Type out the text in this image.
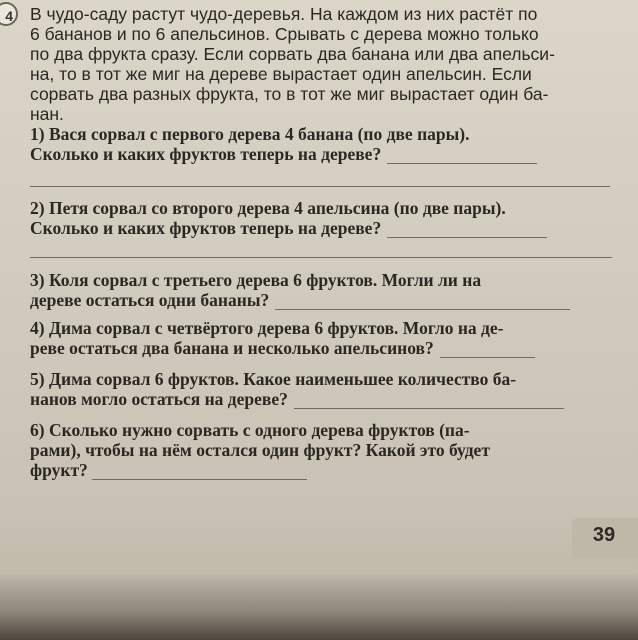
4 В чудо-саду растут чудо-деревья. На каждом из них растёт по
6 бананов и по 6 апельсинов. Срывать с дерева можно только
по два фрукта сразу. Если сорвать два банана или два апельси-
на, то в тот же миг на дереве вырастает один апельсин. Если
сорвать два разных фрукта, то в тот же миг вырастает один ба-
нан.
1) Вася сорвал с первого дерева 4 банана (по две пары).
Сколько и каких фруктов теперь на дереве?
2) Петя сорвал со второго дерева 4 апельсина (по две пары).
Сколько и каких фруктов теперь на дереве?
3) Коля сорвал с третьего дерева 6 фруктов. Могли ли на
дереве остаться одни бананы?
4) Дима сорвал с четвёртого дерева 6 фруктов. Могло на де-
реве остаться два банана и несколько апельсинов?
5) Дима сорвал 6 фруктов. Какое наименьшее количество ба-
нанов могло остаться на дереве?
6) Сколько нужно сорвать с одного дерева фруктов (па-
рами), чтобы на нём остался один фрукт? Какой это будет
фрукт?
39
